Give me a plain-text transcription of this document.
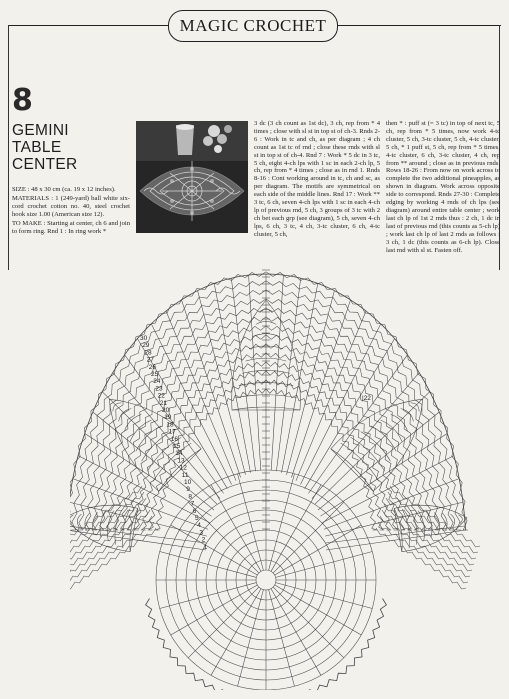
MAGIC CROCHET
8
GEMINI
TABLE
CENTER

SIZE : 48 x 30 cm (ca. 19 x 12 inches).

MATERIALS : 1 (249-yard) ball white six-cord crochet cotton no. 40, steel crochet hook size 1.00 (American size 12).

TO MAKE : Starting at center, ch 6 and join to form ring. Rnd 1 : In ring work *

3 dc (3 ch count as 1st dc), 3 ch, rep from * 4 times ; close with sl st in top st of ch-3. Rnds 2-6 : Work in tc and ch, as per diagram ; 4 ch count as 1st tc of rnd ; close these rnds with sl st in top st of ch-4. Rnd 7 : Work * 5 dc in 3 tc, 5 ch, eight 4-ch lps with 1 sc in each 2-ch lp, 5 ch, rep from * 4 times ; close as in rnd 1. Rnds 8-16 : Cont working around in tc, ch and sc, as per diagram. The motifs are symmetrical on each side of the middle lines. Rnd 17 : Work ** 3 tc, 6 ch, seven 4-ch lps with 1 sc in each 4-ch lp of previous rnd, 5 ch, 3 groups of 3 tc with 2 ch bet each grp (see diagram), 5 ch, seven 4-ch lps, 6 ch, 3 tc, 4 ch, 3-tc cluster, 6 ch, 4-tc cluster, 5 ch,
then * : puff st (= 3 tc) in top of next tc, 5 ch, rep from * 5 times, now work 4-tc cluster, 5 ch, 3-tc cluster, 5 ch, 4-tc cluster, 5 ch, * 1 puff st, 5 ch, rep from * 5 times, 4-tc cluster, 6 ch, 3-tc cluster, 4 ch, rep from ** around ; close as in previous rnds. Rows 18-26 : From now on work across to complete the two additional pineapples, as shown in diagram. Work across opposite side to correspond. Rnds 27-30 : Complete edging by working 4 rnds of ch lps (see diagram) around entire table center ; work last ch lp of 1st 2 rnds thus : 2 ch, 1 dc in last of previous rnd (this counts as 5-ch lp) ; work last ch lp of last 2 rnds as follows : 3 ch, 1 dc (this counts as 6-ch lp). Close last rnd with sl st. Fasten off.
30
29
28
27
26
25
24
23
22
21
20
19
18
17
16
15
14
13
12
11
10
9
8
7
6
5
4
3
2
1
|22
